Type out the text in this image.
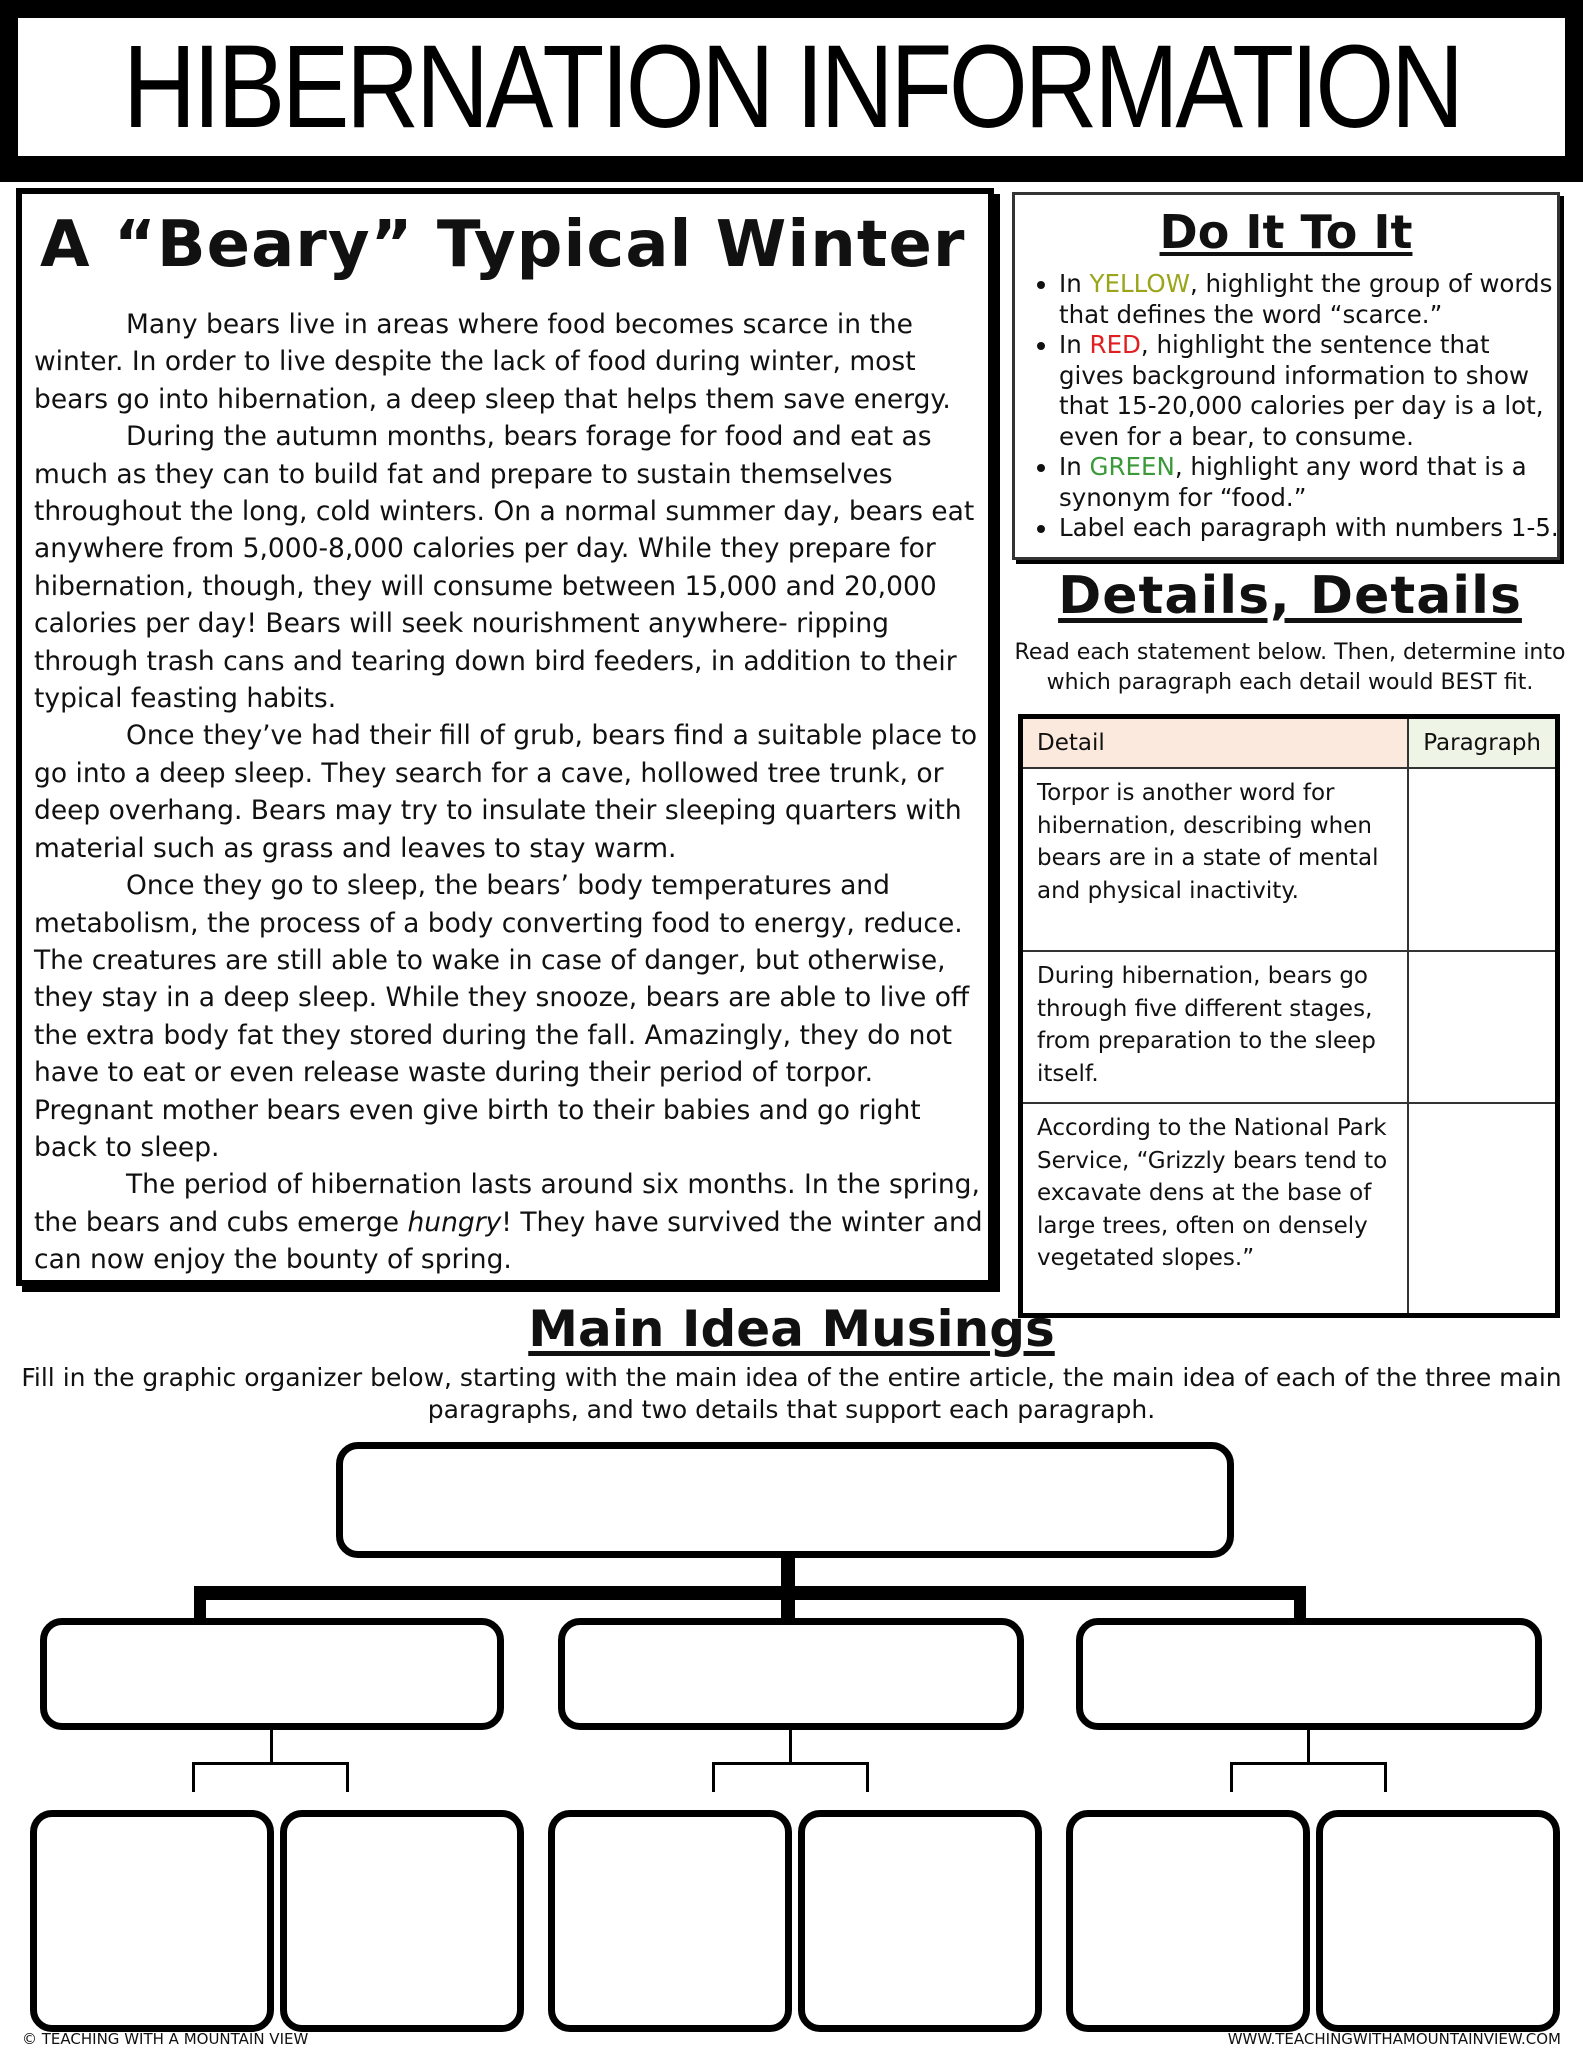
HIBERNATION INFORMATION
A “Beary” Typical Winter

Many bears live in areas where food becomes scarce in the winter. In order to live despite the lack of food during winter, most bears go into hibernation, a deep sleep that helps them save energy.

During the autumn months, bears forage for food and eat as much as they can to build fat and prepare to sustain themselves throughout the long, cold winters. On a normal summer day, bears eat anywhere from 5,000-8,000 calories per day. While they prepare for hibernation, though, they will consume between 15,000 and 20,000 calories per day! Bears will seek nourishment anywhere- ripping through trash cans and tearing down bird feeders, in addition to their typical feasting habits.

Once they’ve had their fill of grub, bears find a suitable place to go into a deep sleep. They search for a cave, hollowed tree trunk, or deep overhang. Bears may try to insulate their sleeping quarters with material such as grass and leaves to stay warm.

Once they go to sleep, the bears’ body temperatures and metabolism, the process of a body converting food to energy, reduce. The creatures are still able to wake in case of danger, but otherwise, they stay in a deep sleep. While they snooze, bears are able to live off the extra body fat they stored during the fall. Amazingly, they do not have to eat or even release waste during their period of torpor. Pregnant mother bears even give birth to their babies and go right back to sleep.

The period of hibernation lasts around six months. In the spring, the bears and cubs emerge hungry! They have survived the winter and can now enjoy the bounty of spring.

Do It To It
• In YELLOW, highlight the group of words that defines the word “scarce.”
• In RED, highlight the sentence that gives background information to show that 15-20,000 calories per day is a lot, even for a bear, to consume.
• In GREEN, highlight any word that is a synonym for “food.”
• Label each paragraph with numbers 1-5.
Details, Details
Read each statement below. Then, determine into which paragraph each detail would BEST fit.
Detail	Paragraph
Torpor is another word for hibernation, describing when bears are in a state of mental and physical inactivity.	
During hibernation, bears go through five different stages, from preparation to the sleep itself.	
According to the National Park Service, “Grizzly bears tend to excavate dens at the base of large trees, often on densely vegetated slopes.”	
Main Idea Musings
Fill in the graphic organizer below, starting with the main idea of the entire article, the main idea of each of the three main paragraphs, and two details that support each paragraph.
© TEACHING WITH A MOUNTAIN VIEW	WWW.TEACHINGWITHAMOUNTAINVIEW.COM
